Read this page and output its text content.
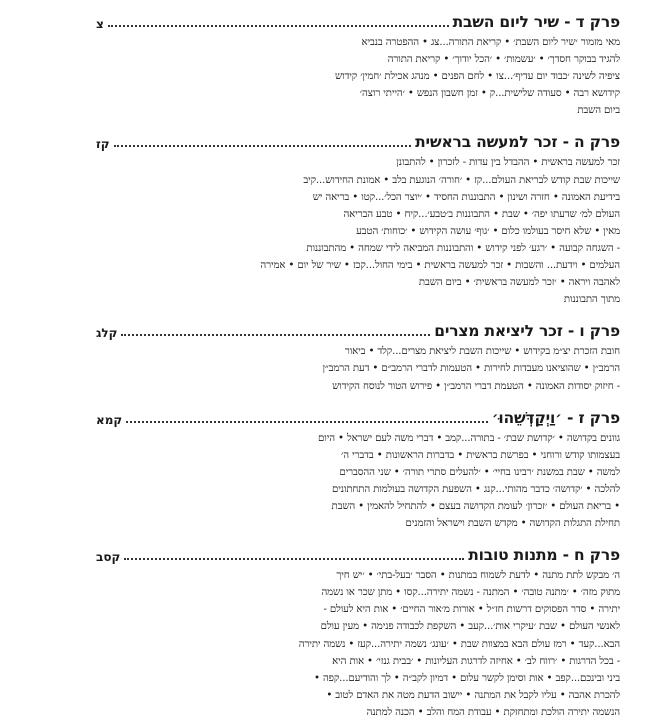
פרק ד - שיר ליום השבת
צ
מאי מזמור ׳שיר ליום השבת׳ • קריאת התורה...צג • ההפטרה בנביא
להגיד בבוקר חסדך׳ • ׳עשמות׳ • ׳הכל יודוך׳ • קריאת התורה
ציפיה לשינה ׳כבוד יום עדיף׳...צו • לחם הפנים • מנהג אכילת ׳חמין׳ קידוש
קידושא רבה • סעודה שלישית...ק • זמן חשבון הנפש • ׳הייתי רוצה׳
ביום השבת
פרק ה - זכר למעשה בראשית
קז
זכר למעשה בראשית • ההבדל בין עדות - לזכרון • להתבונן
שייכות שבת קודש לבריאת העולם...קז • ׳חורה׳ הנוגעת בלב • אמונת החידוש...קיב
בידיעת האמונה • חזרה ושינון • התבוננות החסיד • ׳יוצר הכל׳...קטו • בריאה יש
העולם למ׳ שדעתו יפה׳ • שבת • התבוננות ב׳טבע׳...קיח • טבע הבריאה
מאין • שלא חיסר בעולמו כלום • ׳גוף׳ עושה הקידוש • ׳כוחות׳ הטבע
- השגחה קבועה • ׳רגע׳ לפני קידוש • והתבוננות המביאה לידי שמחה • מהתבוננות
העלמים • וידעת... והשבות • זכר למעשה בראשית • בימי החול...קכז • שיר של יום • אמירה
לאהבה ויראה • ׳זכר למעשה בראשית׳ • ביום השבת
מתוך התבוננות
פרק ו - זכר ליציאת מצרים
קלג
חובת הזכרת יצ״מ בקידוש • שייכות השבת ליציאת מצרים...קלד • ביאור
הרמב״ן • שהוציאנו מעבדות לחירות • הטעמות לדברי הרמב״ם • דעת הרמב״ן
- חיזוק יסודות האמונה • הטעמת דברי הרמב״ן • פירוש הטור לנוסח הקידוש
פרק ז - ׳וַיְקַדְּשֵׁהוּ׳
קמא
גוונים בקדושה • ׳קדושת שבת׳ - בתורה...קמב • דברי משה לעם ישראל • היום
בעצמותו קודש ורוחני • בפרשת בראשית • בדברות הראשונות • בדברי ה׳
למשה • שבת במשנת ׳רבינו בחיי׳ • ׳להעלים סתרי תורה׳ • שני ההסברים
להלכה • ׳קדושה׳ כדבר מהותי...קנג • השפעת הקדושה בעולמות התחתונים
• בריאת העולם • ׳זכרון׳ לעומת הקדושה בעצם • להתחיל להאמין • השבת
תחילת התגלות הקדושה • מקדש השבת וישראל והזמנים
פרק ח - מתנות טובות
קסב
ה׳ מבקש לתת מתנה • לדעת לשמוח במתנות • הסבר ׳בעל-בתי׳ • ׳יש חיך
מתוק מזה׳ • ׳מתנה טובה׳ • המתנה - נשמה יתירה...קסו • מתן שכר או נשמה
יתירה • סדר הפסוקים דרשות חז״ל • אורות מ׳אור החיים׳ • אות היא לעולם -
לאנשי העולם • שבת ׳עיקרי אות׳...קעב • השקפת לכבודה פנימה • מעין עולם
הבא...קעד • רמז עולם הבא במצוות שבת • ׳עונג׳ נשמה יתירה...קעז • נשמה יתירה
- בכל הדרגות • ׳רווח לב׳ • אחיזה לדרגות העליונות • ׳בבית גנזי׳ • אות היא
ביני ובינכם...קפב • אות וסימן לקשר עלום • דמיון לקב״ה • לך והודיעם...קפה •
להכרת אהבה • עליו לקבל את המתנה • יישוב הדעת מטה את האדם לטוב •
הנשמה יתירה הולכת ומתחזקת • עבודת המח והלב • הכנה למתנה
